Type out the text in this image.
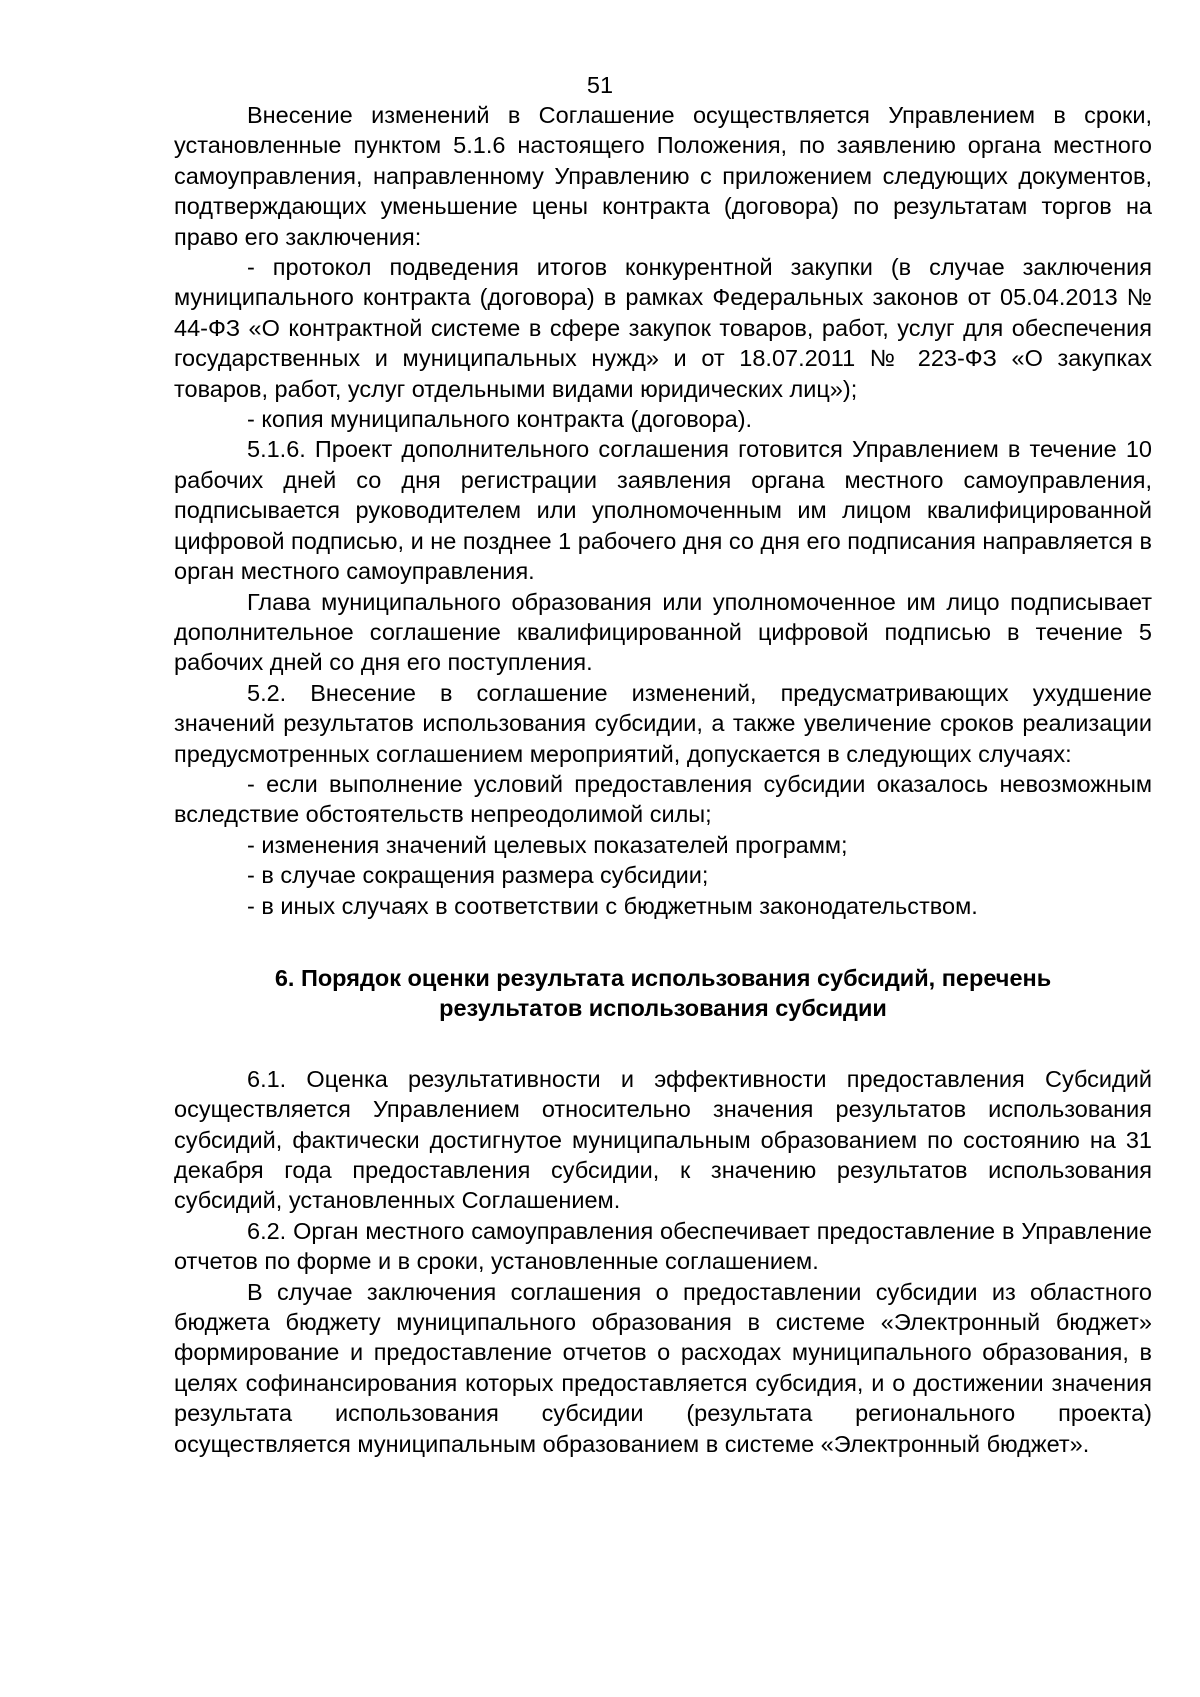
51

Внесение изменений в Соглашение осуществляется Управлением в сроки, установленные пунктом 5.1.6 настоящего Положения, по заявлению органа местного самоуправления, направленному Управлению с приложением следующих документов, подтверждающих уменьшение цены контракта (договора) по результатам торгов на право его заключения:

- протокол подведения итогов конкурентной закупки (в случае заключения муниципального контракта (договора) в рамках Федеральных законов от 05.04.2013 № 44-ФЗ «О контрактной системе в сфере закупок товаров, работ, услуг для обеспечения государственных и муниципальных нужд» и от 18.07.2011 № 223-ФЗ «О закупках товаров, работ, услуг отдельными видами юридических лиц»);

- копия муниципального контракта (договора).

5.1.6. Проект дополнительного соглашения готовится Управлением в течение 10 рабочих дней со дня регистрации заявления органа местного самоуправления, подписывается руководителем или уполномоченным им лицом квалифицированной цифровой подписью, и не позднее 1 рабочего дня со дня его подписания направляется в орган местного самоуправления.

Глава муниципального образования или уполномоченное им лицо подписывает дополнительное соглашение квалифицированной цифровой подписью в течение 5 рабочих дней со дня его поступления.

5.2. Внесение в соглашение изменений, предусматривающих ухудшение значений результатов использования субсидии, а также увеличение сроков реализации предусмотренных соглашением мероприятий, допускается в следующих случаях:

- если выполнение условий предоставления субсидии оказалось невозможным вследствие обстоятельств непреодолимой силы;

- изменения значений целевых показателей программ;

- в случае сокращения размера субсидии;

- в иных случаях в соответствии с бюджетным законодательством.

6. Порядок оценки результата использования субсидий, перечень
результатов использования субсидии

6.1. Оценка результативности и эффективности предоставления Субсидий осуществляется Управлением относительно значения результатов использования субсидий, фактически достигнутое муниципальным образованием по состоянию на 31 декабря года предоставления субсидии, к значению результатов использования субсидий, установленных Соглашением.

6.2. Орган местного самоуправления обеспечивает предоставление в Управление отчетов по форме и в сроки, установленные соглашением.

В случае заключения соглашения о предоставлении субсидии из областного бюджета бюджету муниципального образования в системе «Электронный бюджет» формирование и предоставление отчетов о расходах муниципального образования, в целях софинансирования которых предоставляется субсидия, и о достижении значения результата использования субсидии (результата регионального проекта) осуществляется муниципальным образованием в системе «Электронный бюджет».
